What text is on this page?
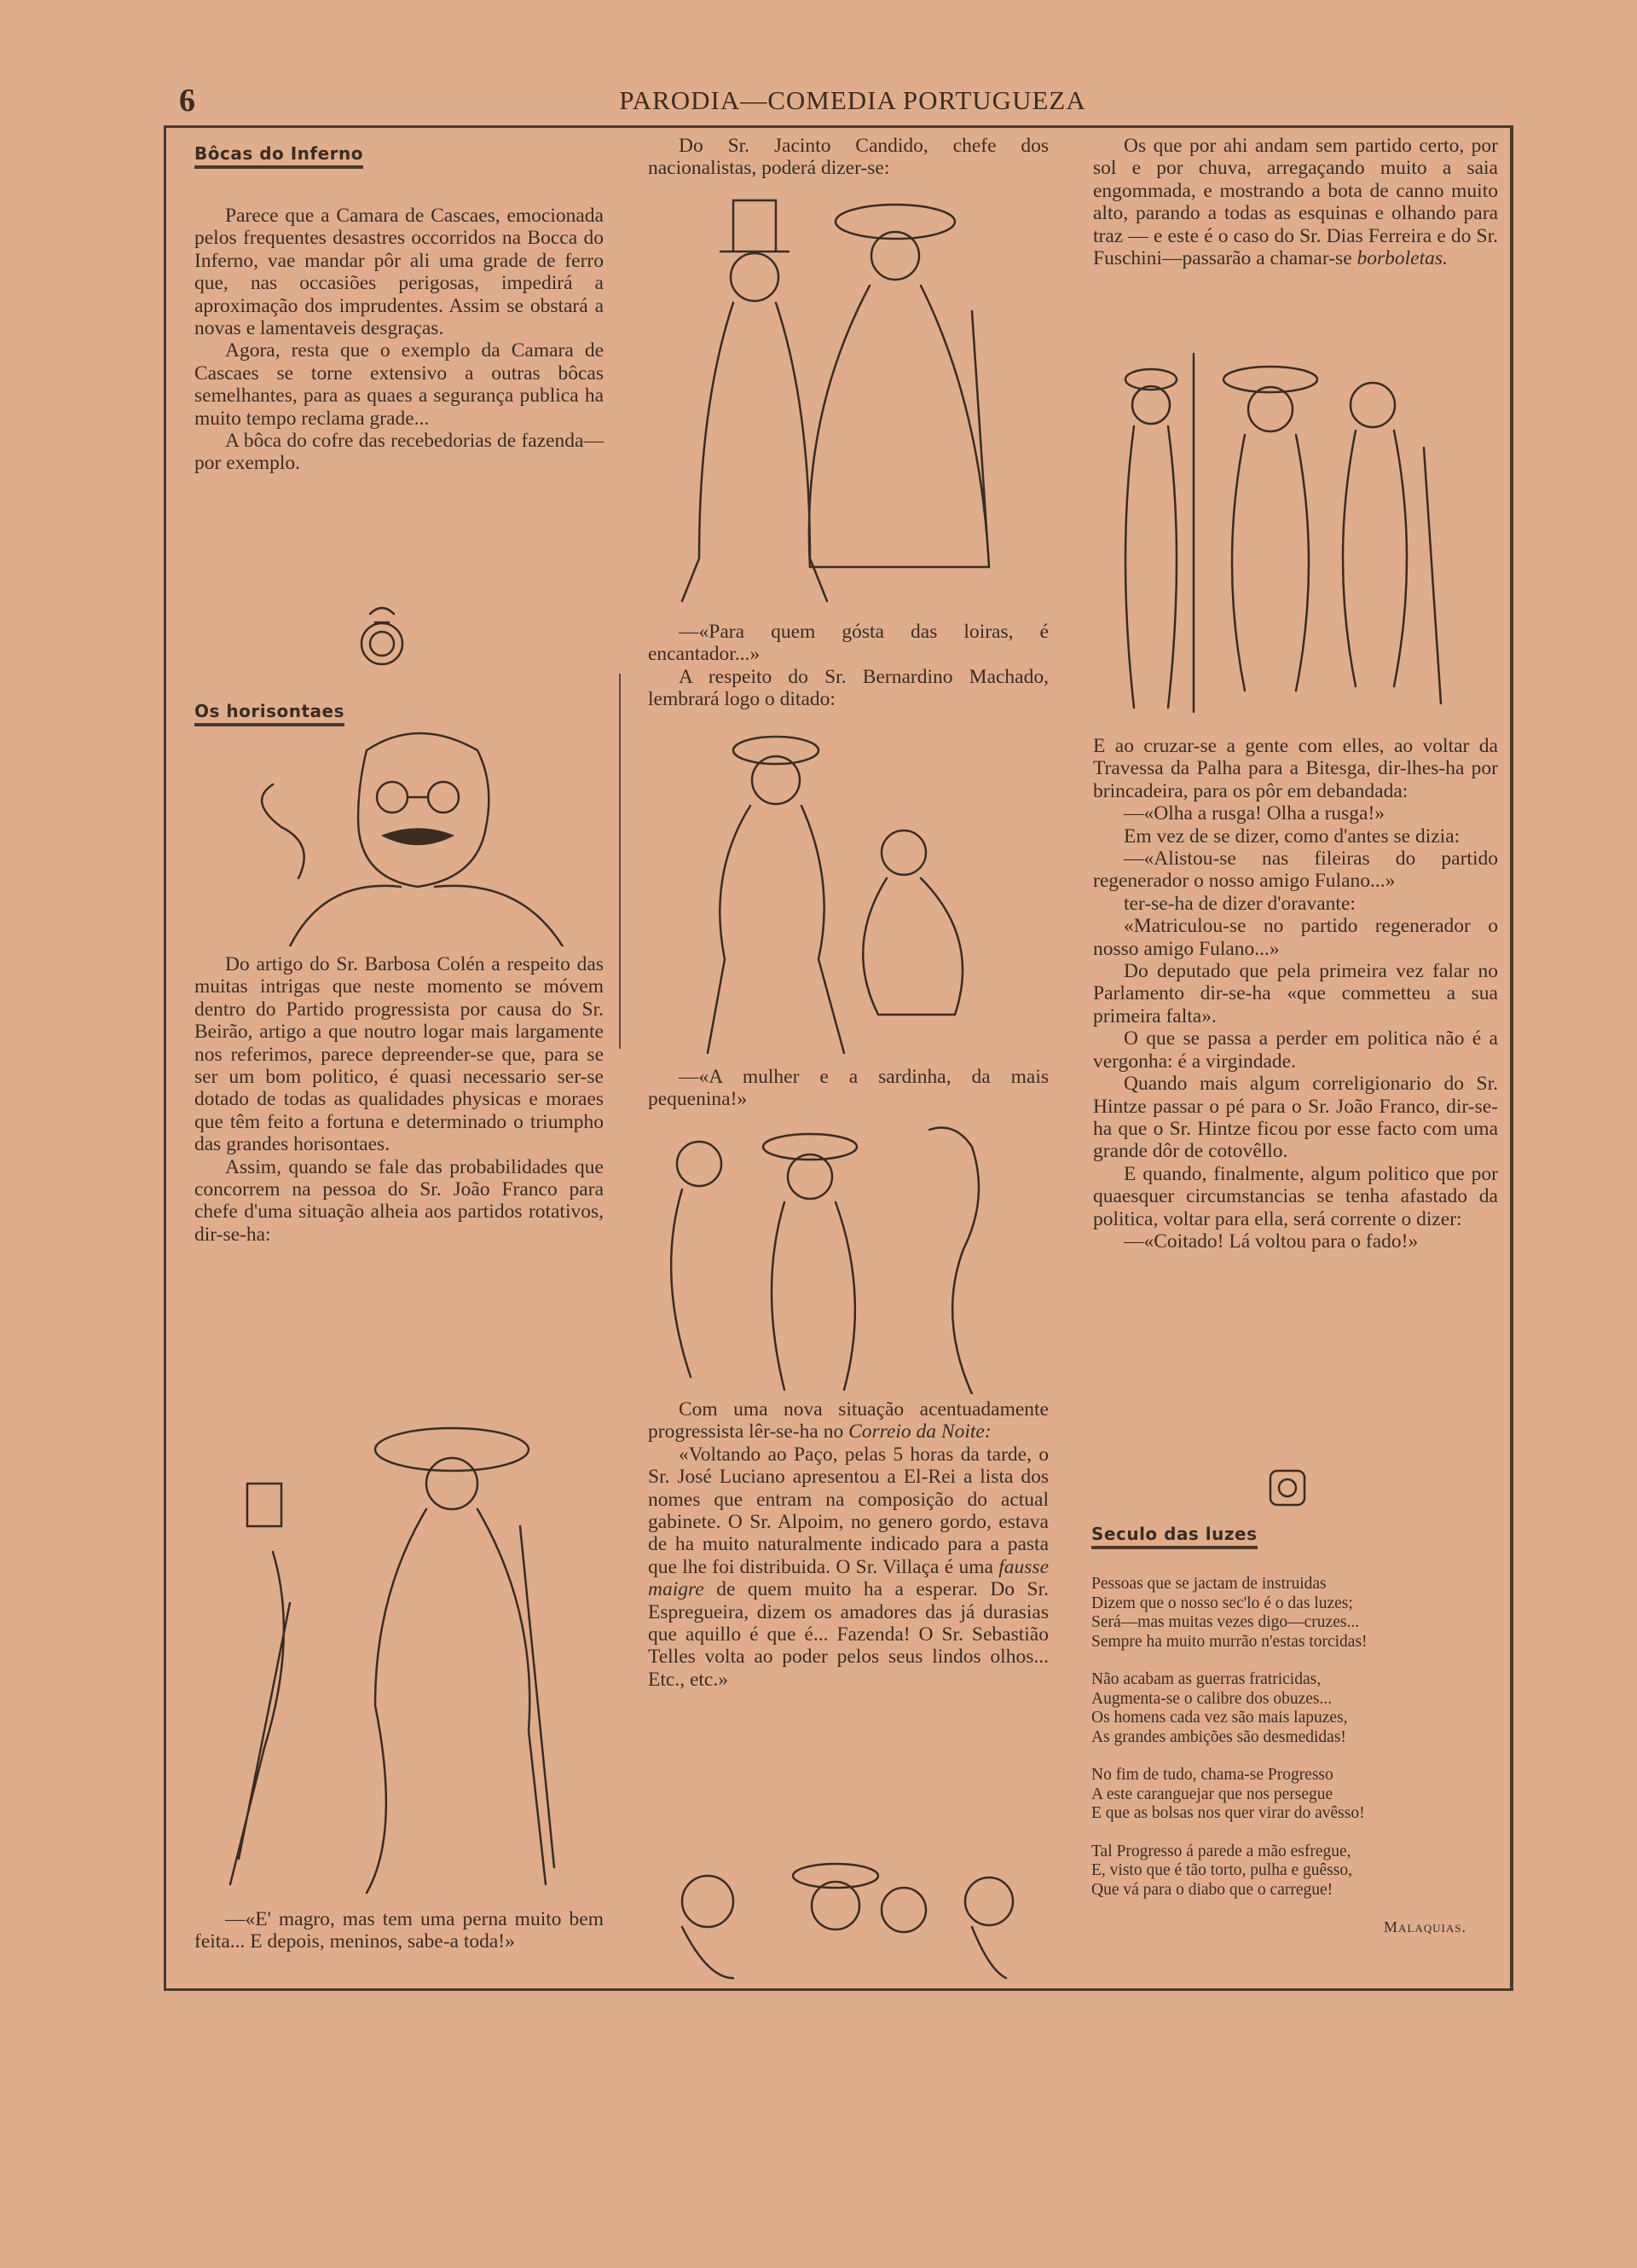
6	PARODIA—COMEDIA PORTUGUEZA
Bôcas do Inferno

Parece que a Camara de Cascaes, emocionada pelos frequentes desastres occorridos na Bocca do Inferno, vae mandar pôr ali uma grade de ferro que, nas occasiões perigosas, impedirá a aproximação dos imprudentes. Assim se obstará a novas e lamentaveis desgraças.

Agora, resta que o exemplo da Camara de Cascaes se torne extensivo a outras bôcas semelhantes, para as quaes a segurança publica ha muito tempo reclama grade...

A bôca do cofre das recebedorias de fazenda—por exemplo.

Os horisontaes

Do artigo do Sr. Barbosa Colén a respeito das muitas intrigas que neste momento se móvem dentro do Partido progressista por causa do Sr. Beirão, artigo a que noutro logar mais largamente nos referimos, parece depreender-se que, para se ser um bom politico, é quasi necessario ser-se dotado de todas as qualidades physicas e moraes que têm feito a fortuna e determinado o triumpho das grandes horisontaes.

Assim, quando se fale das probabilidades que concorrem na pessoa do Sr. João Franco para chefe d'uma situação alheia aos partidos rotativos, dir-se-ha:

—«E' magro, mas tem uma perna muito bem feita... E depois, meninos, sabe-a toda!»

Do Sr. Jacinto Candido, chefe dos nacionalistas, poderá dizer-se:

—«Para quem gósta das loiras, é encantador...»

A respeito do Sr. Bernardino Machado, lembrará logo o ditado:

—«A mulher e a sardinha, da mais pequenina!»

Com uma nova situação acentuadamente progressista lêr-se-ha no Correio da Noite:

«Voltando ao Paço, pelas 5 horas da tarde, o Sr. José Luciano apresentou a El-Rei a lista dos nomes que entram na composição do actual gabinete. O Sr. Alpoim, no genero gordo, estava de ha muito naturalmente indicado para a pasta que lhe foi distribuida. O Sr. Villaça é uma fausse maigre de quem muito ha a esperar. Do Sr. Espregueira, dizem os amadores das já durasias que aquillo é que é... Fazenda! O Sr. Sebastião Telles volta ao poder pelos seus lindos olhos... Etc., etc.»

Os que por ahi andam sem partido certo, por sol e por chuva, arregaçando muito a saia engommada, e mostrando a bota de canno muito alto, parando a todas as esquinas e olhando para traz — e este é o caso do Sr. Dias Ferreira e do Sr. Fuschini—passarão a chamar-se borboletas.

E ao cruzar-se a gente com elles, ao voltar da Travessa da Palha para a Bitesga, dir-lhes-ha por brincadeira, para os pôr em debandada:

—«Olha a rusga! Olha a rusga!»

Em vez de se dizer, como d'antes se dizia:

—«Alistou-se nas fileiras do partido regenerador o nosso amigo Fulano...»

ter-se-ha de dizer d'oravante:

«Matriculou-se no partido regenerador o nosso amigo Fulano...»

Do deputado que pela primeira vez falar no Parlamento dir-se-ha «que commetteu a sua primeira falta».

O que se passa a perder em politica não é a vergonha: é a virgindade.

Quando mais algum correligionario do Sr. Hintze passar o pé para o Sr. João Franco, dir-se-ha que o Sr. Hintze ficou por esse facto com uma grande dôr de cotovêllo.

E quando, finalmente, algum politico que por quaesquer circumstancias se tenha afastado da politica, voltar para ella, será corrente o dizer:

—«Coitado! Lá voltou para o fado!»

Seculo das luzes

Pessoas que se jactam de instruidas

Dizem que o nosso sec'lo é o das luzes;

Será—mas muitas vezes digo—cruzes...

Sempre ha muito murrão n'estas torcidas!

Não acabam as guerras fratricidas,

Augmenta-se o calibre dos obuzes...

Os homens cada vez são mais lapuzes,

As grandes ambições são desmedidas!

No fim de tudo, chama-se Progresso

A este caranguejar que nos persegue

E que as bolsas nos quer virar do avêsso!

Tal Progresso á parede a mão esfregue,

E, visto que é tão torto, pulha e guêsso,

Que vá para o diabo que o carregue!

Malaquias.
